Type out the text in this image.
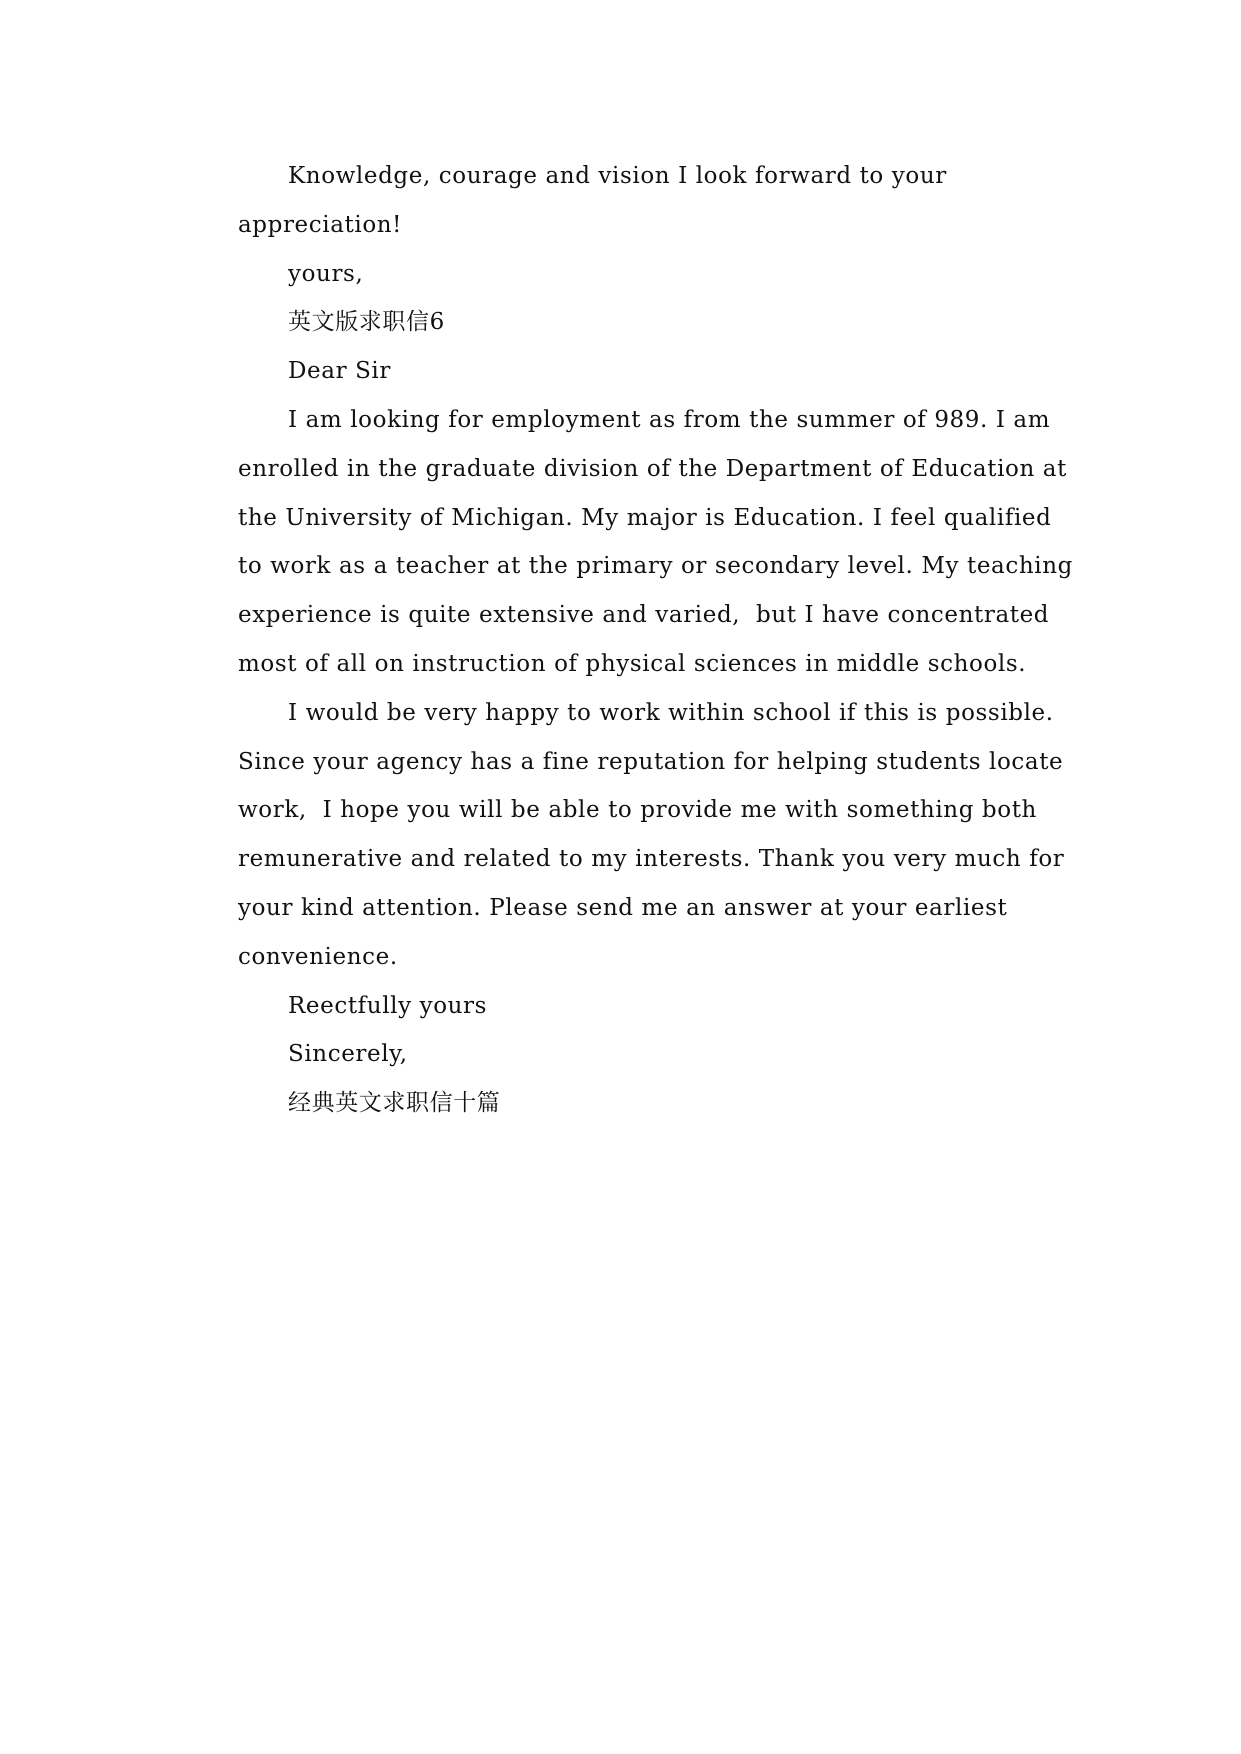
Knowledge, courage and vision I look forward to your
appreciation!
yours,
英文版求职信6
Dear Sir
I am looking for employment as from the summer of 989. I am
enrolled in the graduate division of the Department of Education at
the University of Michigan. My major is Education. I feel qualified
to work as a teacher at the primary or secondary level. My teaching
experience is quite extensive and varied,  but I have concentrated
most of all on instruction of physical sciences in middle schools.
I would be very happy to work within school if this is possible.
Since your agency has a fine reputation for helping students locate
work,  I hope you will be able to provide me with something both
remunerative and related to my interests. Thank you very much for
your kind attention. Please send me an answer at your earliest
convenience.
Reectfully yours
Sincerely,
经典英文求职信十篇
